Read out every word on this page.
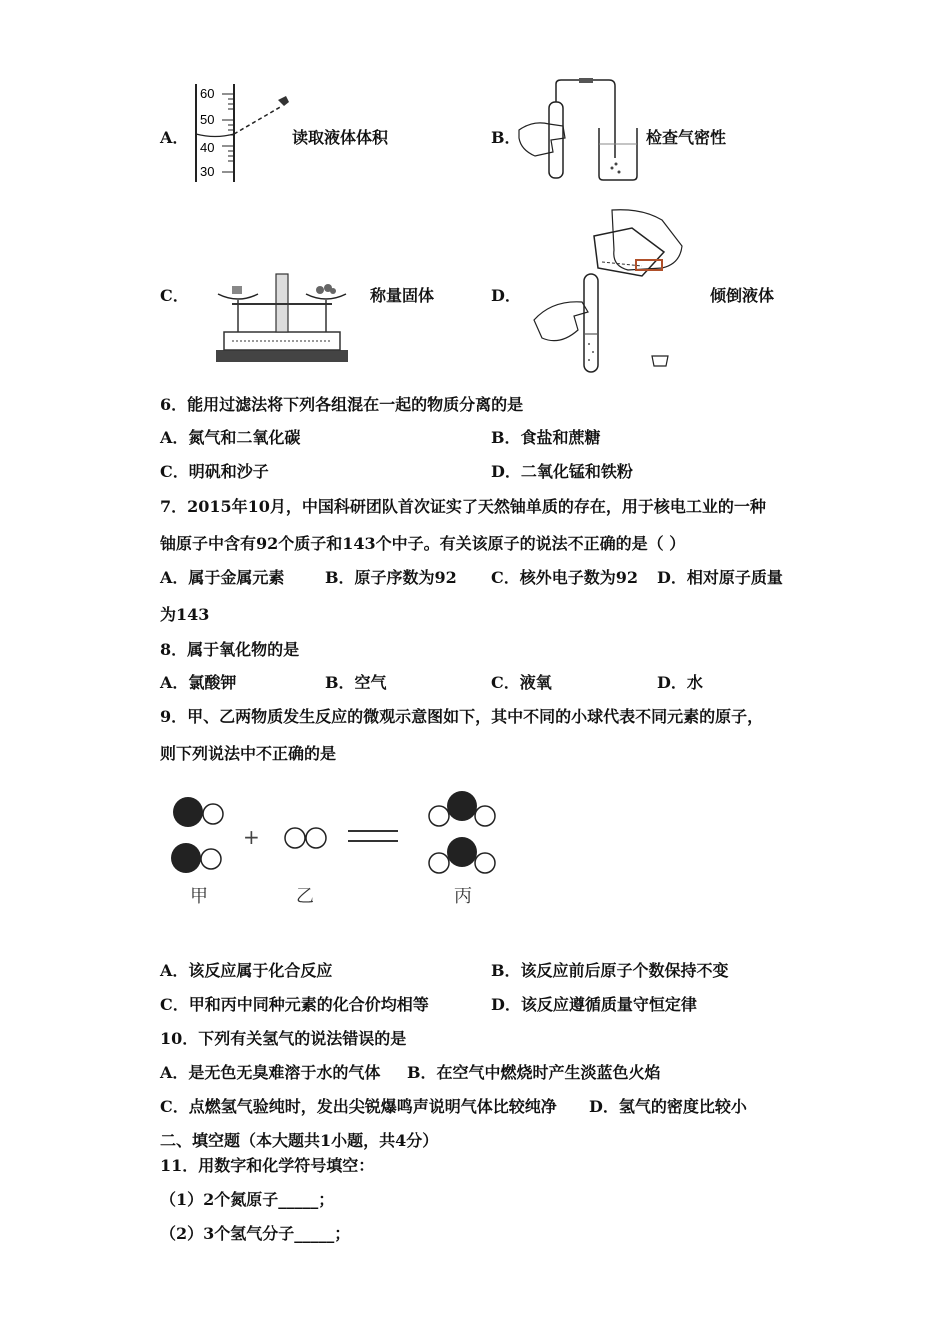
A．
60
50
40
30
读取液体体积	B．	检查气密性
C．	称量固体	D．	倾倒液体
6．能用过滤法将下列各组混在一起的物质分离的是
A．氮气和二氧化碳	B．食盐和蔗糖
C．明矾和沙子	D．二氧化锰和铁粉
7．2015年10月，中国科研团队首次证实了天然铀单质的存在，用于核电工业的一种
铀原子中含有92个质子和143个中子。有关该原子的说法不正确的是（ ）
A．属于金属元素	B．原子序数为92 C．核外电子数为92 D．相对原子质量
为143
8．属于氧化物的是
A．氯酸钾	B．空气	C．液氧	D．水
9．甲、乙两物质发生反应的微观示意图如下，其中不同的小球代表不同元素的原子，
则下列说法中不正确的是
+
甲	乙	丙
A．该反应属于化合反应	B．该反应前后原子个数保持不变
C．甲和丙中同种元素的化合价均相等	D．该反应遵循质量守恒定律
10．下列有关氢气的说法错误的是
A．是无色无臭难溶于水的气体 B．在空气中燃烧时产生淡蓝色火焰
C．点燃氢气验纯时，发出尖锐爆鸣声说明气体比较纯净 D．氢气的密度比较小
二、填空题（本大题共1小题，共4分）
11．用数字和化学符号填空：
（1）2个氮原子_____；
（2）3个氢气分子_____；
